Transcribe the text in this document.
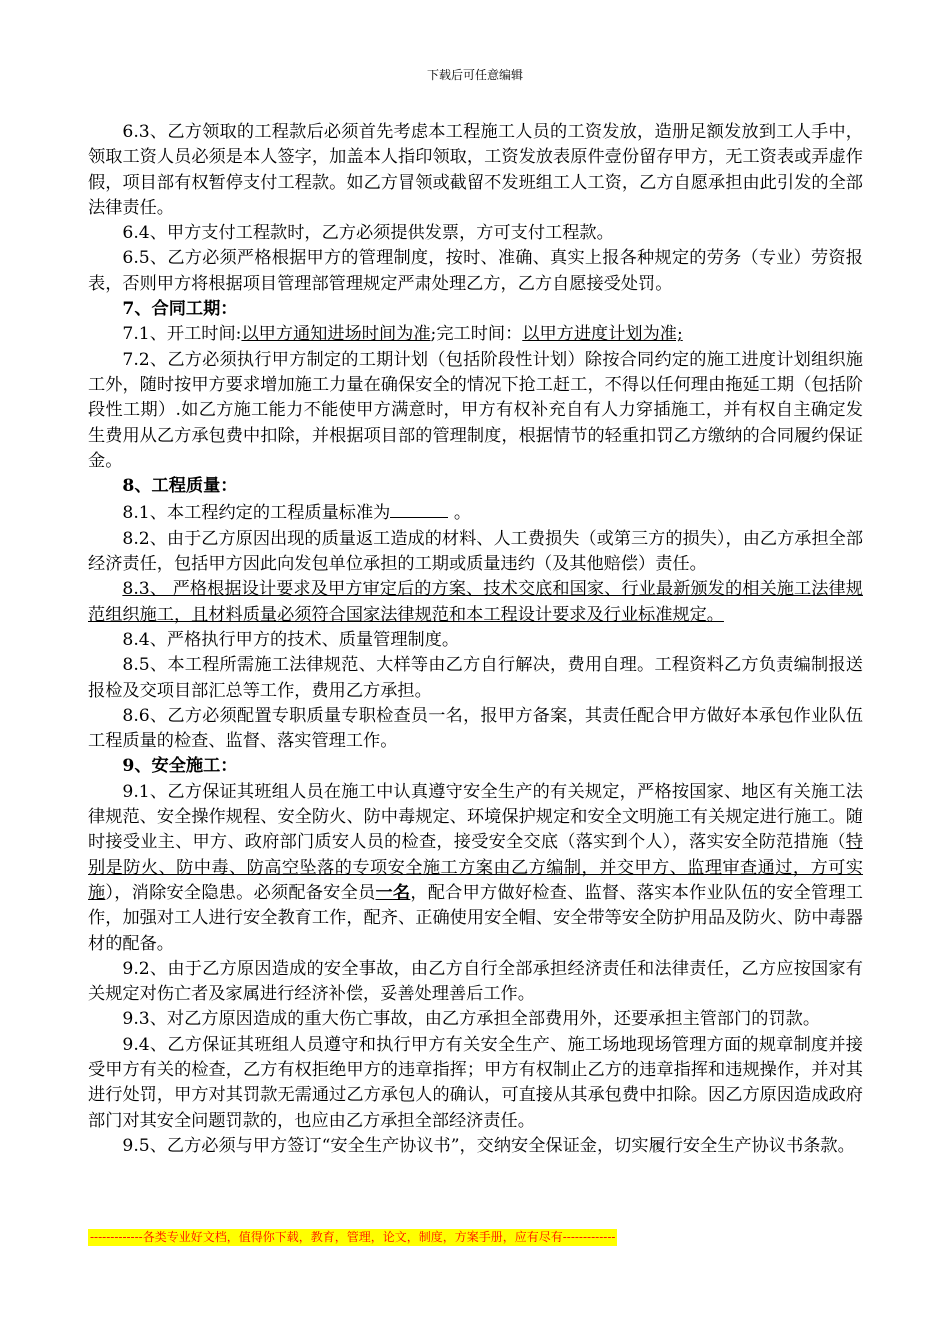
下载后可任意编辑

6.3、乙方领取的工程款后必须首先考虑本工程施工人员的工资发放，造册足额发放到工人手中，领取工资人员必须是本人签字，加盖本人指印领取，工资发放表原件壹份留存甲方，无工资表或弄虚作假，项目部有权暂停支付工程款。如乙方冒领或截留不发班组工人工资，乙方自愿承担由此引发的全部法律责任。

6.4、甲方支付工程款时，乙方必须提供发票，方可支付工程款。

6.5、乙方必须严格根据甲方的管理制度，按时、准确、真实上报各种规定的劳务（专业）劳资报表，否则甲方将根据项目管理部管理规定严肃处理乙方，乙方自愿接受处罚。

7、合同工期：

7.1、开工时间:以甲方通知进场时间为准;完工时间：以甲方进度计划为准;

7.2、乙方必须执行甲方制定的工期计划（包括阶段性计划）除按合同约定的施工进度计划组织施工外，随时按甲方要求增加施工力量在确保安全的情况下抢工赶工，不得以任何理由拖延工期（包括阶段性工期）.如乙方施工能力不能使甲方满意时，甲方有权补充自有人力穿插施工，并有权自主确定发生费用从乙方承包费中扣除，并根据项目部的管理制度，根据情节的轻重扣罚乙方缴纳的合同履约保证金。

8、工程质量：

8.1、本工程约定的工程质量标准为	。

8.2、由于乙方原因出现的质量返工造成的材料、人工费损失（或第三方的损失），由乙方承担全部经济责任，包括甲方因此向发包单位承担的工期或质量违约（及其他赔偿）责任。

8.3、 严格根据设计要求及甲方审定后的方案、技术交底和国家、行业最新颁发的相关施工法律规范组织施工，且材料质量必须符合国家法律规范和本工程设计要求及行业标准规定。

8.4、严格执行甲方的技术、质量管理制度。

8.5、本工程所需施工法律规范、大样等由乙方自行解决，费用自理。工程资料乙方负责编制报送报检及交项目部汇总等工作，费用乙方承担。

8.6、乙方必须配置专职质量专职检查员一名，报甲方备案，其责任配合甲方做好本承包作业队伍工程质量的检查、监督、落实管理工作。

9、安全施工：

9.1、乙方保证其班组人员在施工中认真遵守安全生产的有关规定，严格按国家、地区有关施工法律规范、安全操作规程、安全防火、防中毒规定、环境保护规定和安全文明施工有关规定进行施工。随时接受业主、甲方、政府部门质安人员的检查，接受安全交底（落实到个人），落实安全防范措施（特别是防火、防中毒、防高空坠落的专项安全施工方案由乙方编制，并交甲方、监理审查通过，方可实施），消除安全隐患。必须配备安全员一名，配合甲方做好检查、监督、落实本作业队伍的安全管理工作，加强对工人进行安全教育工作，配齐、正确使用安全帽、安全带等安全防护用品及防火、防中毒器材的配备。

9.2、由于乙方原因造成的安全事故，由乙方自行全部承担经济责任和法律责任，乙方应按国家有关规定对伤亡者及家属进行经济补偿，妥善处理善后工作。

9.3、对乙方原因造成的重大伤亡事故，由乙方承担全部费用外，还要承担主管部门的罚款。

9.4、乙方保证其班组人员遵守和执行甲方有关安全生产、施工场地现场管理方面的规章制度并接受甲方有关的检查，乙方有权拒绝甲方的违章指挥；甲方有权制止乙方的违章指挥和违规操作，并对其进行处罚，甲方对其罚款无需通过乙方承包人的确认，可直接从其承包费中扣除。因乙方原因造成政府部门对其安全问题罚款的，也应由乙方承担全部经济责任。

9.5、乙方必须与甲方签订“安全生产协议书”，交纳安全保证金，切实履行安全生产协议书条款。

-------------各类专业好文档，值得你下载，教育，管理，论文，制度，方案手册，应有尽有-------------
